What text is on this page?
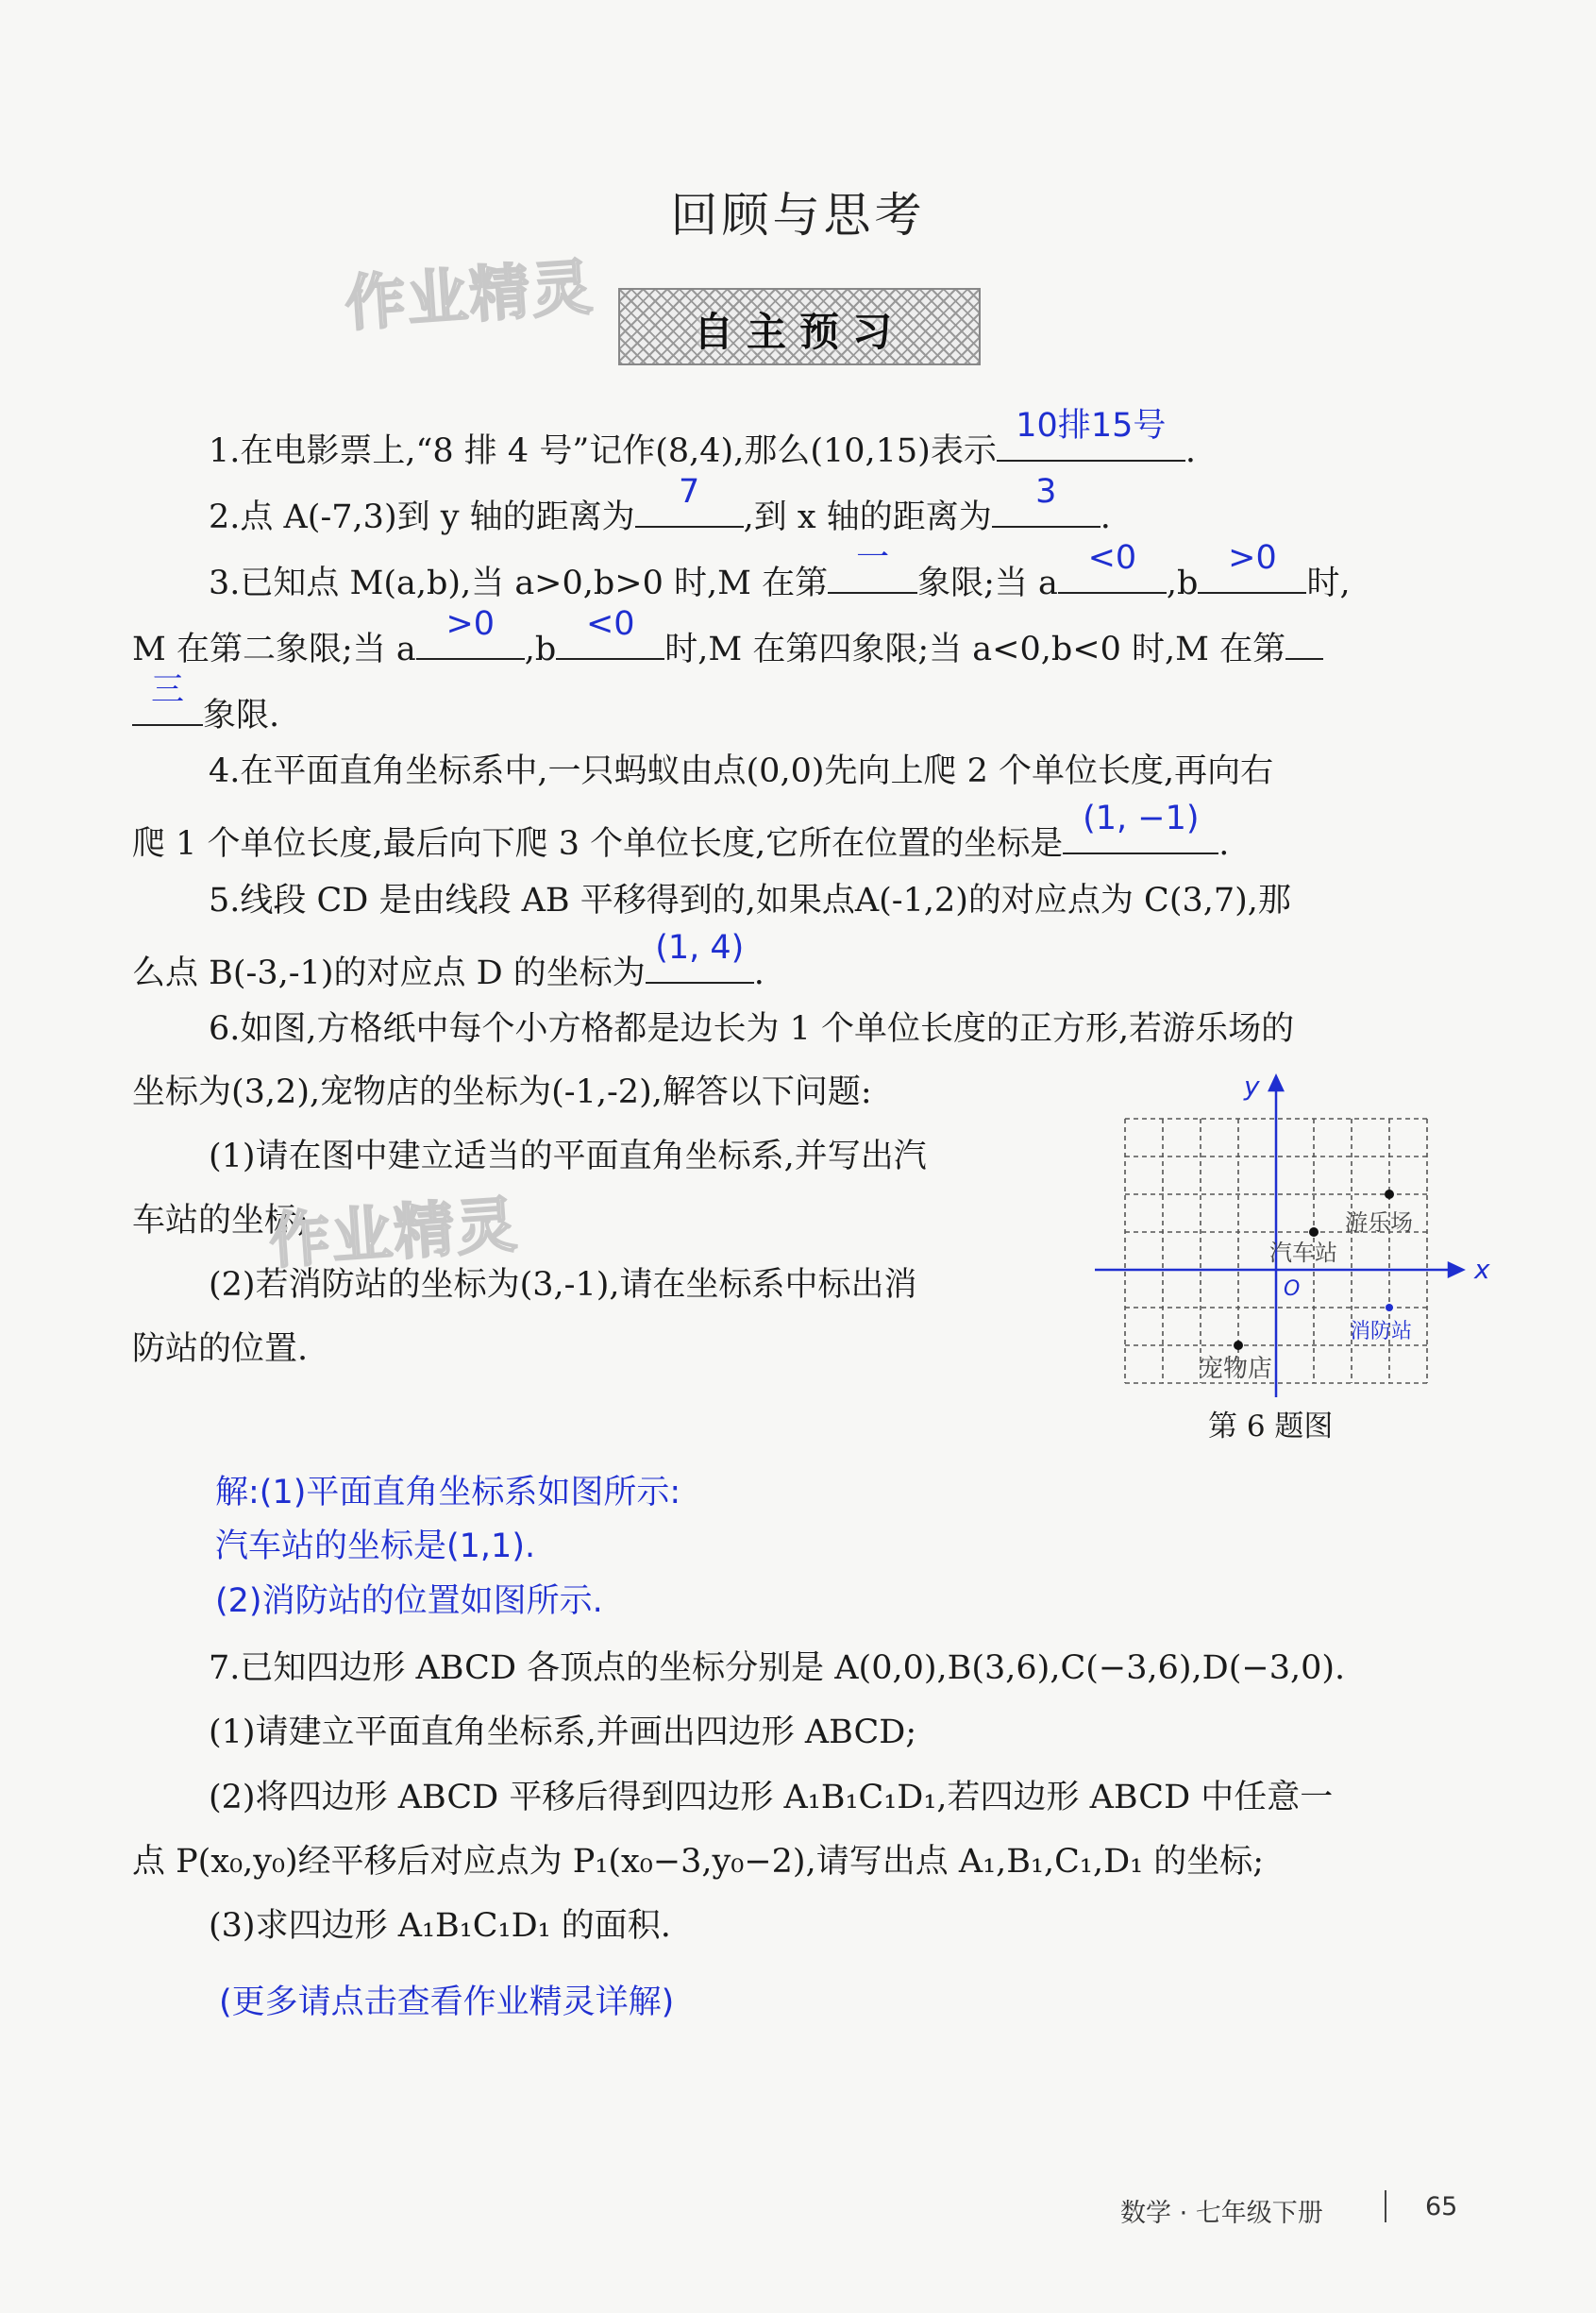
回顾与思考
作业精灵	自主预习
1.在电影票上,“8 排 4 号”记作(8,4),那么(10,15)表示
10排15号
.
2.点 A(-7,3)到 y 轴的距离为
7
,到 x 轴的距离为
3
.
3.已知点 M(a,b),当 a>0,b>0 时,M 在第
一
象限;当 a
<0
,b
>0
时,
M 在第二象限;当 a
>0
,b
<0
时,M 在第四象限;当 a<0,b<0 时,M 在第
三
象限.
4.在平面直角坐标系中,一只蚂蚁由点(0,0)先向上爬 2 个单位长度,再向右
爬 1 个单位长度,最后向下爬 3 个单位长度,它所在位置的坐标是
(1, −1)
.
5.线段 CD 是由线段 AB 平移得到的,如果点A(-1,2)的对应点为 C(3,7),那
么点 B(-3,-1)的对应点 D 的坐标为
(1, 4)
.
6.如图,方格纸中每个小方格都是边长为 1 个单位长度的正方形,若游乐场的
坐标为(3,2),宠物店的坐标为(-1,-2),解答以下问题:
(1)请在图中建立适当的平面直角坐标系,并写出汽
车站的坐标;
作业精灵
(2)若消防站的坐标为(3,-1),请在坐标系中标出消
防站的位置.
x
y
O
游乐场
汽车站
消防站
宠物店
第 6 题图
解:(1)平面直角坐标系如图所示:
汽车站的坐标是(1,1).
(2)消防站的位置如图所示.
7.已知四边形 ABCD 各顶点的坐标分别是 A(0,0),B(3,6),C(−3,6),D(−3,0).
(1)请建立平面直角坐标系,并画出四边形 ABCD;
(2)将四边形 ABCD 平移后得到四边形 A₁B₁C₁D₁,若四边形 ABCD 中任意一
点 P(x₀,y₀)经平移后对应点为 P₁(x₀−3,y₀−2),请写出点 A₁,B₁,C₁,D₁ 的坐标;
(3)求四边形 A₁B₁C₁D₁ 的面积.
(更多请点击查看作业精灵详解)
数学 · 七年级下册	65
